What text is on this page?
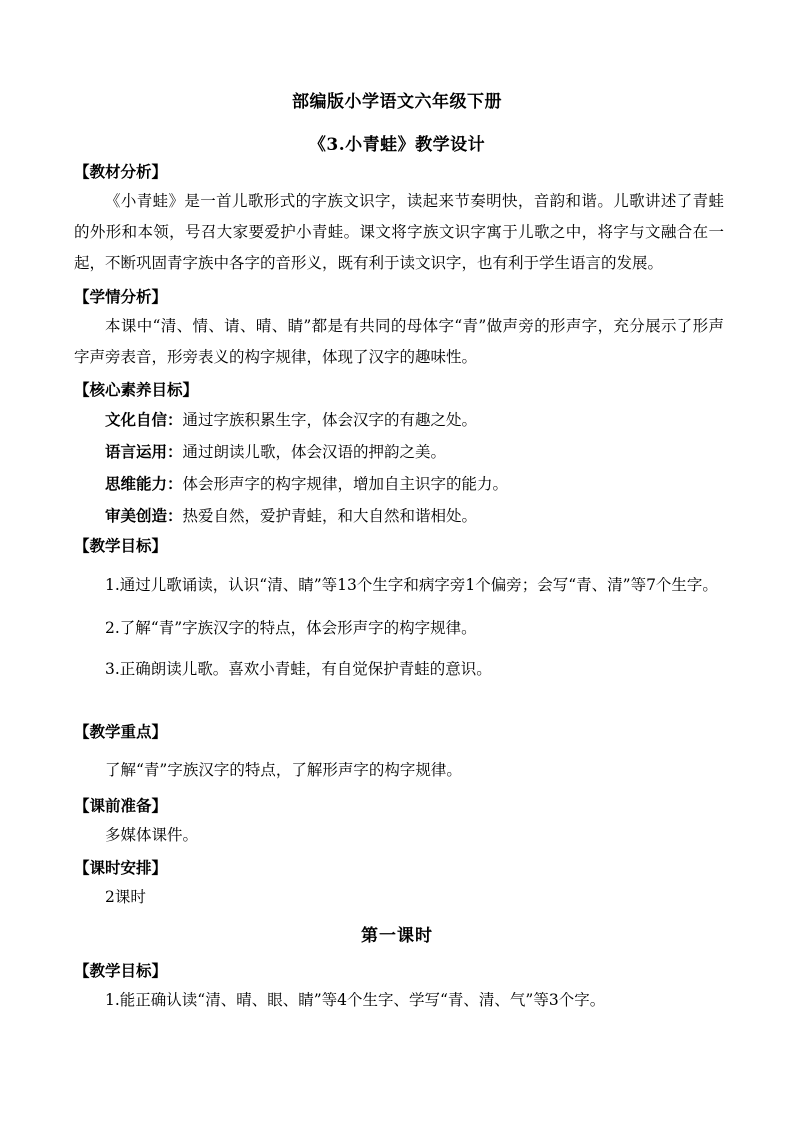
部编版小学语文六年级下册
《3.小青蛙》教学设计
【教材分析】
《小青蛙》是一首儿歌形式的字族文识字，读起来节奏明快，音韵和谐。儿歌讲述了青蛙的外形和本领，号召大家要爱护小青蛙。课文将字族文识字寓于儿歌之中，将字与文融合在一起，不断巩固青字族中各字的音形义，既有利于读文识字，也有利于学生语言的发展。
【学情分析】
本课中“清、情、请、晴、睛”都是有共同的母体字“青”做声旁的形声字，充分展示了形声字声旁表音，形旁表义的构字规律，体现了汉字的趣味性。
【核心素养目标】
文化自信：通过字族积累生字，体会汉字的有趣之处。
语言运用：通过朗读儿歌，体会汉语的押韵之美。
思维能力：体会形声字的构字规律，增加自主识字的能力。
审美创造：热爱自然，爱护青蛙，和大自然和谐相处。
【教学目标】
1.通过儿歌诵读，认识“清、睛”等13个生字和病字旁1个偏旁；会写“青、清”等7个生字。
2.了解“青”字族汉字的特点，体会形声字的构字规律。
3.正确朗读儿歌。喜欢小青蛙，有自觉保护青蛙的意识。
【教学重点】
了解“青”字族汉字的特点，了解形声字的构字规律。
【课前准备】
多媒体课件。
【课时安排】
2课时
第一课时
【教学目标】
1.能正确认读“清、晴、眼、睛”等4个生字、学写“青、清、气”等3个字。
